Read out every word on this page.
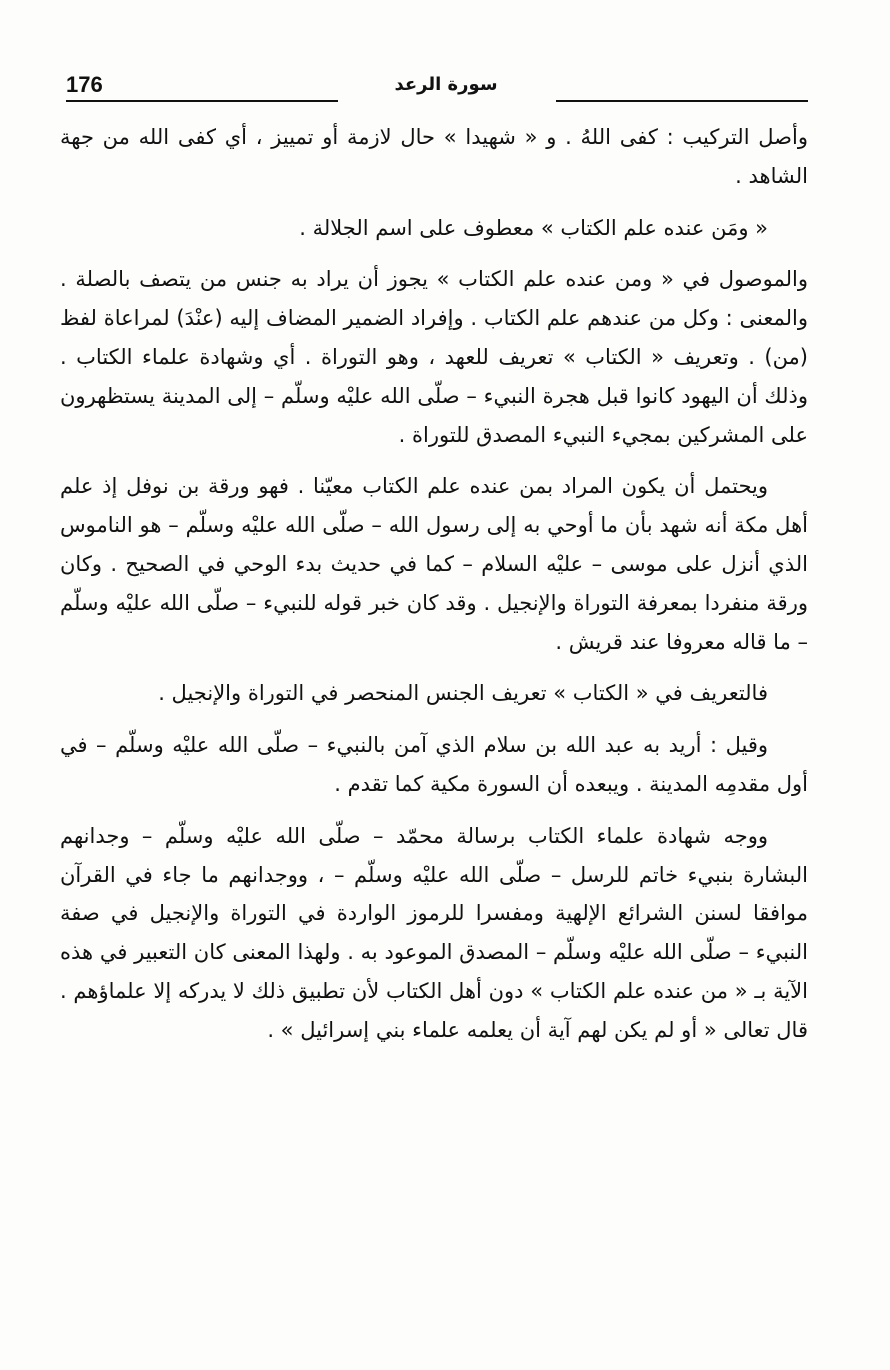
176	سورة الرعد

وأصل التركيب : كفى اللهُ . و « شهيدا » حال لازمة أو تمييز ، أي كفى الله من جهة الشاهد .

« ومَن عنده علم الكتاب » معطوف على اسم الجلالة .

والموصول في « ومن عنده علم الكتاب » يجوز أن يراد به جنس من يتصف بالصلة . والمعنى : وكل من عندهم علم الكتاب . وإفراد الضمير المضاف إليه (عنْدَ) لمراعاة لفظ (من) . وتعريف « الكتاب » تعريف للعهد ، وهو التوراة . أي وشهادة علماء الكتاب . وذلك أن اليهود كانوا قبل هجرة النبيء – صلّى الله عليْه وسلّم – إلى المدينة يستظهرون على المشركين بمجيء النبيء المصدق للتوراة .

ويحتمل أن يكون المراد بمن عنده علم الكتاب معيّنا . فهو ورقة بن نوفل إذ علم أهل مكة أنه شهد بأن ما أوحي به إلى رسول الله – صلّى الله عليْه وسلّم – هو الناموس الذي أنزل على موسى – عليْه السلام – كما في حديث بدء الوحي في الصحيح . وكان ورقة منفردا بمعرفة التوراة والإنجيل . وقد كان خبر قوله للنبيء – صلّى الله عليْه وسلّم – ما قاله معروفا عند قريش .

فالتعريف في « الكتاب » تعريف الجنس المنحصر في التوراة والإنجيل .

وقيل : أريد به عبد الله بن سلام الذي آمن بالنبيء – صلّى الله عليْه وسلّم – في أول مقدمِه المدينة . ويبعده أن السورة مكية كما تقدم .

ووجه شهادة علماء الكتاب برسالة محمّد – صلّى الله عليْه وسلّم – وجدانهم البشارة بنبيء خاتم للرسل – صلّى الله عليْه وسلّم – ، ووجدانهم ما جاء في القرآن موافقا لسنن الشرائع الإلهية ومفسرا للرموز الواردة في التوراة والإنجيل في صفة النبيء – صلّى الله عليْه وسلّم – المصدق الموعود به . ولهذا المعنى كان التعبير في هذه الآية بـ « من عنده علم الكتاب » دون أهل الكتاب لأن تطبيق ذلك لا يدركه إلا علماؤهم . قال تعالى « أو لم يكن لهم آية أن يعلمه علماء بني إسرائيل » .
